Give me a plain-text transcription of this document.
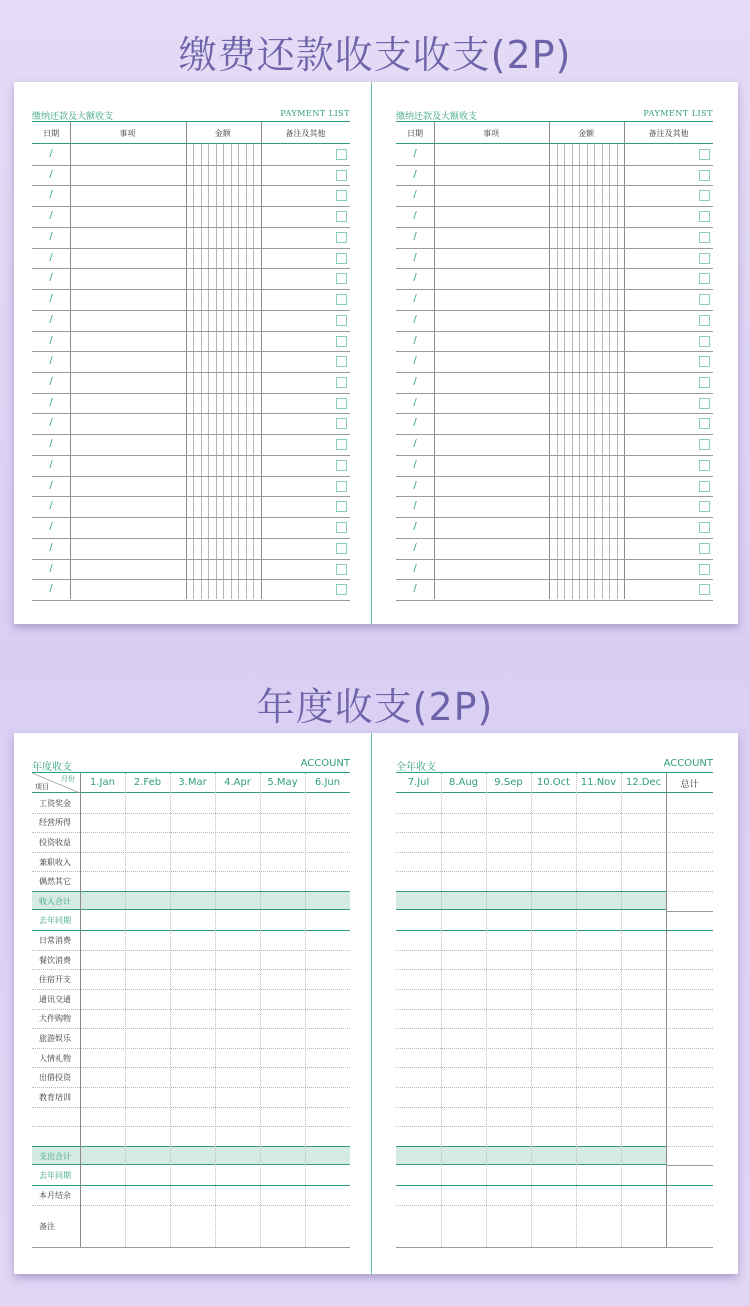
缴费还款收支收支(2P)
缴纳还款及大额收支	PAYMENT LIST
日期	事项	金额	备注及其他
/
/
/
/
/
/
/
/
/
/
/
/
/
/
/
/
/
/
/
/
/
/
缴纳还款及大额收支	PAYMENT LIST
日期	事项	金额	备注及其他
/
/
/
/
/
/
/
/
/
/
/
/
/
/
/
/
/
/
/
/
/
/
年度收支(2P)
年度收支	ACCOUNT
月份
项目	1.Jan 2.Feb 3.Mar 4.Apr 5.May 6.Jun
工资奖金
经营所得
投资收益
兼职收入
偶然其它
收入合计
去年同期
日常消费
餐饮消费
住宿开支
通讯交通
大件购物
旅游娱乐
人情礼物
出借投资
教育培训
支出合计
去年同期
本月结余
备注
全年收支	ACCOUNT
7.Jul 8.Aug 9.Sep 10.Oct 11.Nov 12.Dec 总计
